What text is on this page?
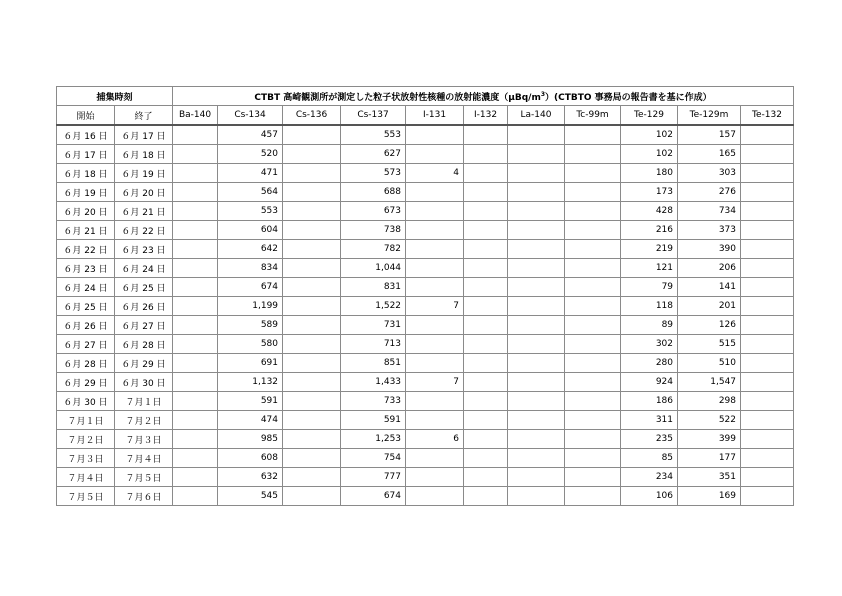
捕集時刻		CTBT 高崎観測所が測定した粒子状放射性核種の放射能濃度$(\mu Bq/m^3)(CTBTO$ 事務局の報告書を基に作成）										
開始	終了	Ba-140	Cs-134	Cs-136	Cs-137	I-131	I-132	La-140	Tc-99m	Te-129	Te-129m	Te-132
６月 16 日	６月 17 日		457		553					102	157	
６月 17 日	６月 18 日		520		627					102	165	
６月 18 日	６月 19 日		471		573	4				180	303	
６月 19 日	６月 20 日		564		688					173	276	
６月 20 日	６月 21 日		553		673					428	734	
６月 21 日	６月 22 日		604		738					216	373	
６月 22 日	６月 23 日		642		782					219	390	
６月 23 日	６月 24 日		834		1,044					121	206	
６月 24 日	６月 25 日		674		831					79	141	
６月 25 日	６月 26 日		1,199		1,522	7				118	201	
６月 26 日	６月 27 日		589		731					89	126	
６月 27 日	６月 28 日		580		713					302	515	
６月 28 日	６月 29 日		691		851					280	510	
６月 29 日	６月 30 日		1,132		1,433	7				924	1,547	
６月 30 日	７月１日		591		733					186	298	
７月１日	７月２日		474		591					311	522	
７月２日	７月３日		985		1,253	6				235	399	
７月３日	７月４日		608		754					85	177	
７月４日	７月５日		632		777					234	351	
７月５日	７月６日		545		674					106	169	
